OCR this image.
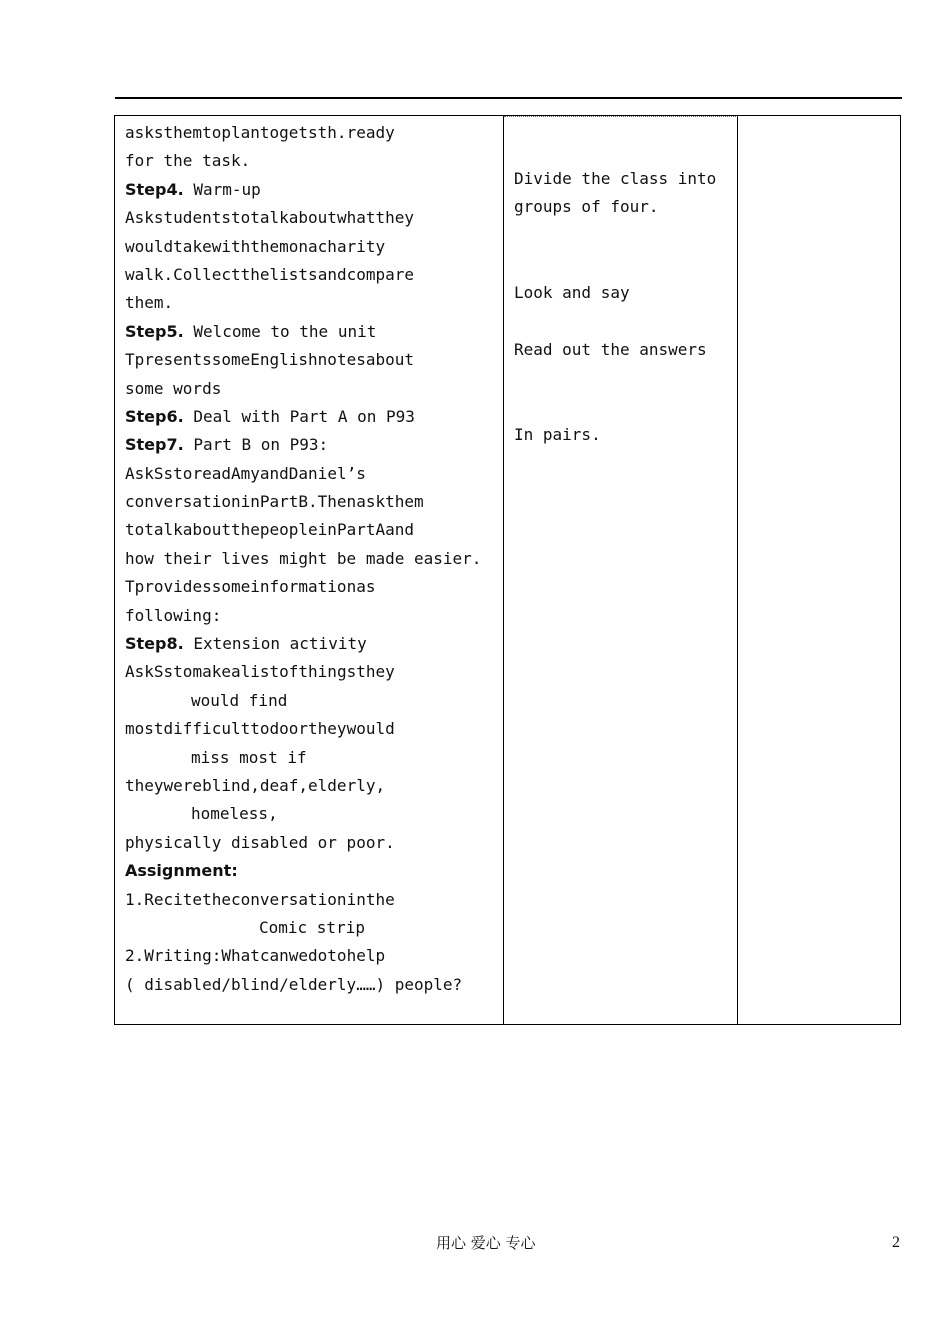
asksthemtoplantogetsth.ready
for the task.
Step4. Warm-up
Askstudentstotalkaboutwhatthey
wouldtakewiththemonacharity
walk.Collectthelistsandcompare
them.
Step5. Welcome to the unit
TpresentssomeEnglishnotesabout
some words
Step6. Deal with Part A on P93
Step7. Part B on P93:
AskSstoreadAmyandDaniel’s
conversationinPartB.Thenaskthem
totalkaboutthepeopleinPartAand
how their lives might be made easier.
Tprovidessomeinformationas
following:
Step8. Extension activity
AskSstomakealistofthingsthey
would find
mostdifficulttodoortheywould
miss most if
theywereblind,deaf,elderly,
homeless,
physically disabled or poor.
Assignment:
1.Recitetheconversationinthe
Comic strip
2.Writing:Whatcanwedotohelp
( disabled/blind/elderly……) people?
Divide the class into
groups of four.
Look and say
Read out the answers
In pairs.
用心 爱心 专心	2
